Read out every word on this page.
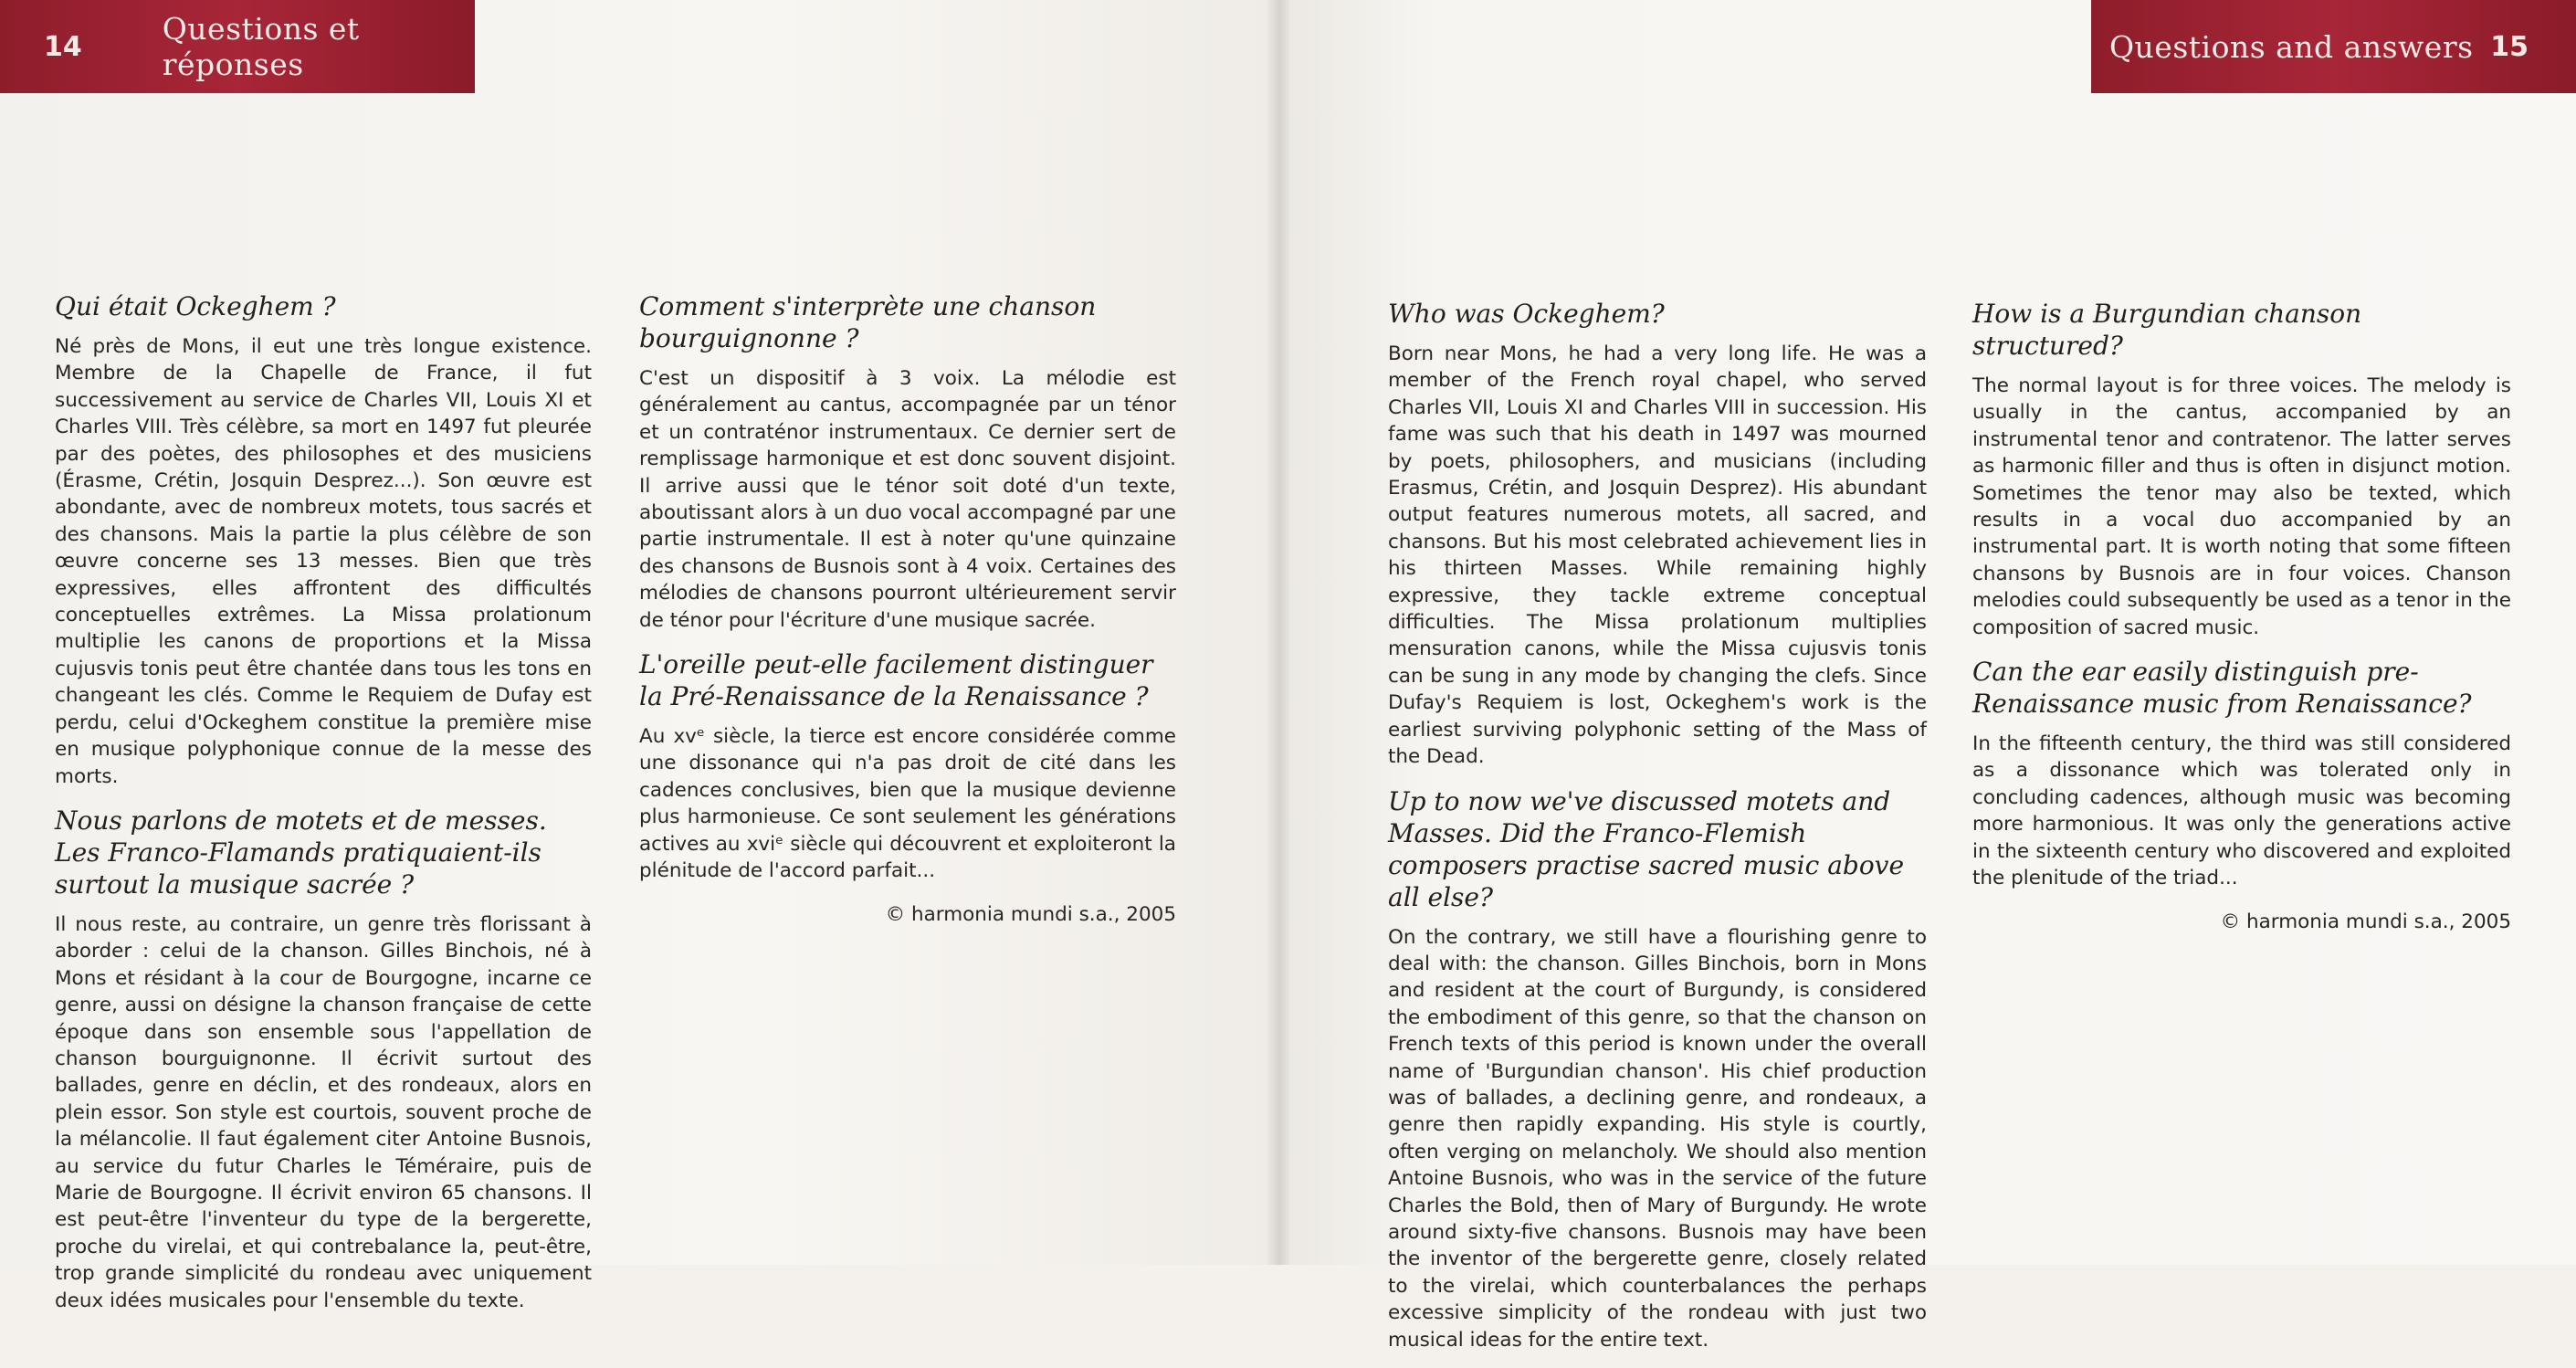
14	Questions et réponses	Questions and answers 15
Qui était Ockeghem ?

Né près de Mons, il eut une très longue existence. Membre de la Chapelle de France, il fut successivement au service de Charles VII, Louis XI et Charles VIII. Très célèbre, sa mort en 1497 fut pleurée par des poètes, des philosophes et des musiciens (Érasme, Crétin, Josquin Desprez...). Son œuvre est abondante, avec de nombreux motets, tous sacrés et des chansons. Mais la partie la plus célèbre de son œuvre concerne ses 13 messes. Bien que très expressives, elles affrontent des difficultés conceptuelles extrêmes. La Missa prolationum multiplie les canons de proportions et la Missa cujusvis tonis peut être chantée dans tous les tons en changeant les clés. Comme le Requiem de Dufay est perdu, celui d'Ockeghem constitue la première mise en musique polyphonique connue de la messe des morts.

Nous parlons de motets et de messes. Les Franco-Flamands pratiquaient-ils surtout la musique sacrée ?

Il nous reste, au contraire, un genre très florissant à aborder : celui de la chanson. Gilles Binchois, né à Mons et résidant à la cour de Bourgogne, incarne ce genre, aussi on désigne la chanson française de cette époque dans son ensemble sous l'appellation de chanson bourguignonne. Il écrivit surtout des ballades, genre en déclin, et des rondeaux, alors en plein essor. Son style est courtois, souvent proche de la mélancolie. Il faut également citer Antoine Busnois, au service du futur Charles le Téméraire, puis de Marie de Bourgogne. Il écrivit environ 65 chansons. Il est peut-être l'inventeur du type de la bergerette, proche du virelai, et qui contrebalance la, peut-être, trop grande simplicité du rondeau avec uniquement deux idées musicales pour l'ensemble du texte.

Comment s'interprète une chanson bourguignonne ?

C'est un dispositif à 3 voix. La mélodie est généralement au cantus, accompagnée par un ténor et un contraténor instrumentaux. Ce dernier sert de remplissage harmonique et est donc souvent disjoint. Il arrive aussi que le ténor soit doté d'un texte, aboutissant alors à un duo vocal accompagné par une partie instrumentale. Il est à noter qu'une quinzaine des chansons de Busnois sont à 4 voix. Certaines des mélodies de chansons pourront ultérieurement servir de ténor pour l'écriture d'une musique sacrée.

L'oreille peut-elle facilement distinguer la Pré-Renaissance de la Renaissance ?

Au xvᵉ siècle, la tierce est encore considérée comme une dissonance qui n'a pas droit de cité dans les cadences conclusives, bien que la musique devienne plus harmonieuse. Ce sont seulement les générations actives au xviᵉ siècle qui découvrent et exploiteront la plénitude de l'accord parfait...

© harmonia mundi s.a., 2005
Who was Ockeghem?

Born near Mons, he had a very long life. He was a member of the French royal chapel, who served Charles VII, Louis XI and Charles VIII in succession. His fame was such that his death in 1497 was mourned by poets, philosophers, and musicians (including Erasmus, Crétin, and Josquin Desprez). His abundant output features numerous motets, all sacred, and chansons. But his most celebrated achievement lies in his thirteen Masses. While remaining highly expressive, they tackle extreme conceptual difficulties. The Missa prolationum multiplies mensuration canons, while the Missa cujusvis tonis can be sung in any mode by changing the clefs. Since Dufay's Requiem is lost, Ockeghem's work is the earliest surviving polyphonic setting of the Mass of the Dead.

Up to now we've discussed motets and Masses. Did the Franco-Flemish composers practise sacred music above all else?

On the contrary, we still have a flourishing genre to deal with: the chanson. Gilles Binchois, born in Mons and resident at the court of Burgundy, is considered the embodiment of this genre, so that the chanson on French texts of this period is known under the overall name of 'Burgundian chanson'. His chief production was of ballades, a declining genre, and rondeaux, a genre then rapidly expanding. His style is courtly, often verging on melancholy. We should also mention Antoine Busnois, who was in the service of the future Charles the Bold, then of Mary of Burgundy. He wrote around sixty-five chansons. Busnois may have been the inventor of the bergerette genre, closely related to the virelai, which counterbalances the perhaps excessive simplicity of the rondeau with just two musical ideas for the entire text.

How is a Burgundian chanson structured?

The normal layout is for three voices. The melody is usually in the cantus, accompanied by an instrumental tenor and contratenor. The latter serves as harmonic filler and thus is often in disjunct motion. Sometimes the tenor may also be texted, which results in a vocal duo accompanied by an instrumental part. It is worth noting that some fifteen chansons by Busnois are in four voices. Chanson melodies could subsequently be used as a tenor in the composition of sacred music.

Can the ear easily distinguish pre-Renaissance music from Renaissance?

In the fifteenth century, the third was still considered as a dissonance which was tolerated only in concluding cadences, although music was becoming more harmonious. It was only the generations active in the sixteenth century who discovered and exploited the plenitude of the triad...

© harmonia mundi s.a., 2005
